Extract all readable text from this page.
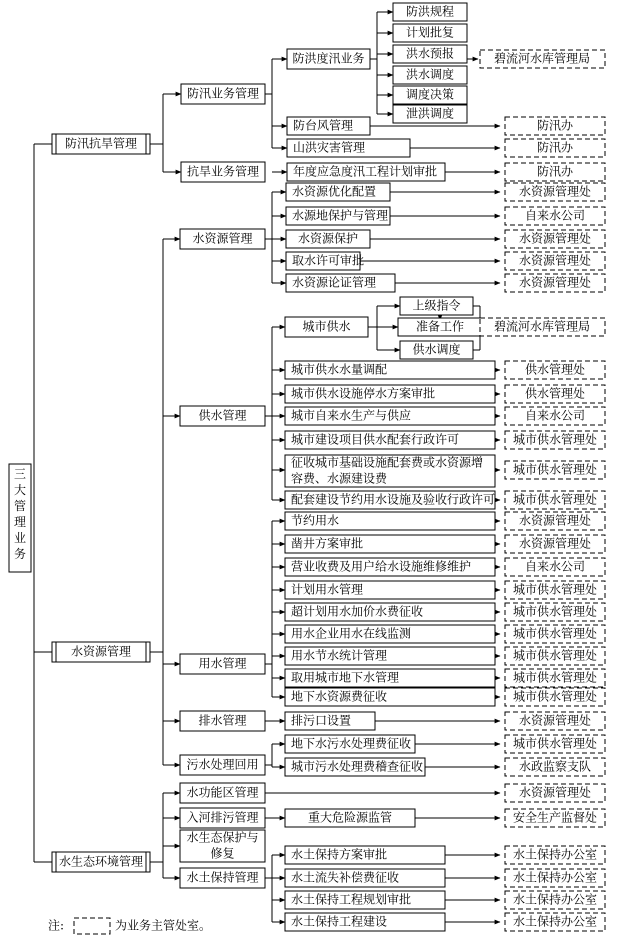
三大管理业务
防汛抗旱管理
水资源管理
水生态环境管理
防汛业务管理
抗旱业务管理
水资源管理
供水管理
用水管理
排水管理
污水处理回用
水功能区管理
入河排污管理
水生态保护与
修复
水土保持管理
防洪度汛业务
防洪规程
计划批复
洪水预报
洪水调度
调度决策
泄洪调度
防台风管理
山洪灾害管理
年度应急度汛工程计划审批
水资源优化配置
水源地保护与管理
水资源保护
取水许可审批
水资源论证管理
城市供水
上级指令
准备工作
供水调度
城市供水水量调配
城市供水设施停水方案审批
城市自来水生产与供应
城市建设项目供水配套行政许可
征收城市基础设施配套费或水资源增
容费、水源建设费
配套建设节约用水设施及验收行政许可
节约用水
凿井方案审批
营业收费及用户给水设施维修维护
计划用水管理
超计划用水加价水费征收
用水企业用水在线监测
用水节水统计管理
取用城市地下水管理
地下水资源费征收
排污口设置
地下水污水处理费征收
城市污水处理费稽查征收
重大危险源监管
水土保持方案审批
水土流失补偿费征收
水土保持工程规划审批
水土保持工程建设
碧流河水库管理局
防汛办
防汛办
防汛办
水资源管理处
自来水公司
水资源管理处
水资源管理处
水资源管理处
碧流河水库管理局
供水管理处
供水管理处
自来水公司
城市供水管理处
城市供水管理处
城市供水管理处
水资源管理处
水资源管理处
自来水公司
城市供水管理处
城市供水管理处
城市供水管理处
城市供水管理处
城市供水管理处
城市供水管理处
水资源管理处
城市供水管理处
水政监察支队
水资源管理处
安全生产监督处
水土保持办公室
水土保持办公室
水土保持办公室
水土保持办公室
注:	为业务主管处室。
